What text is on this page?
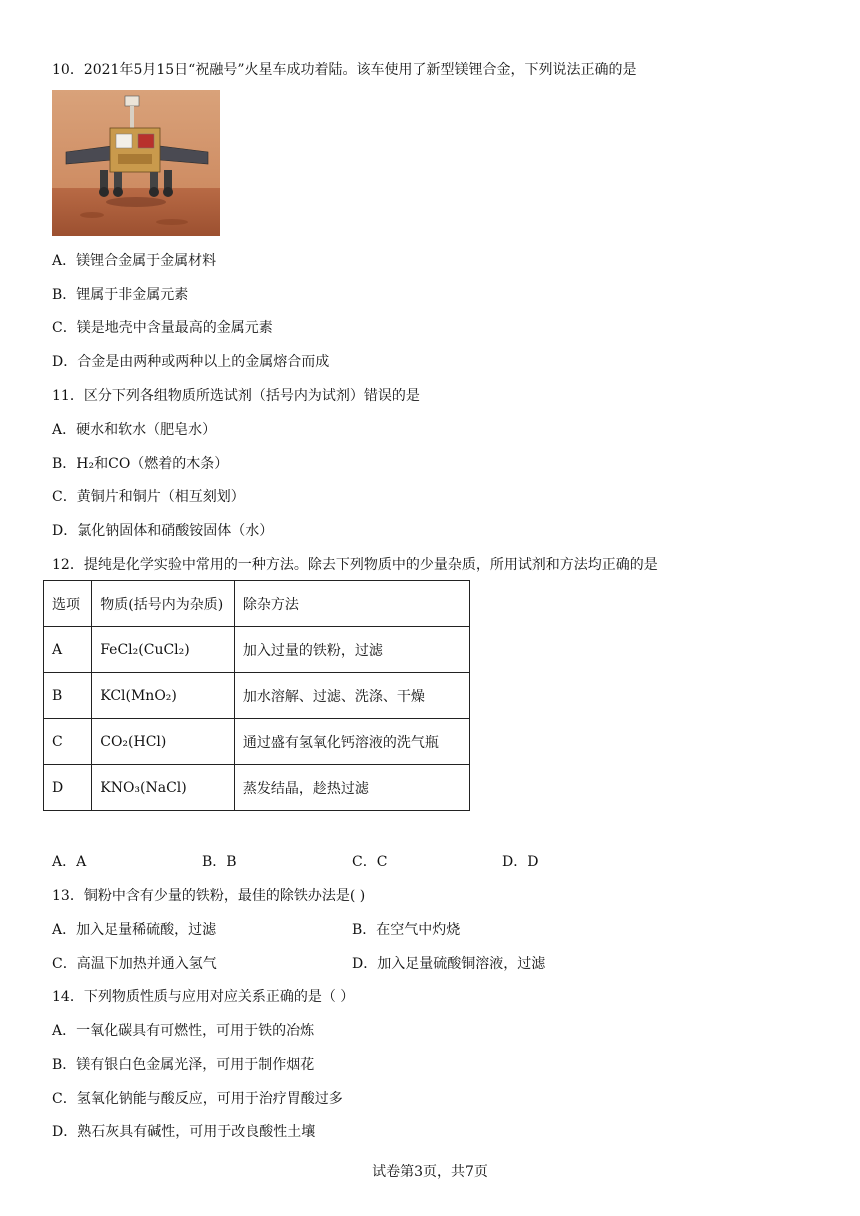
10．2021年5月15日“祝融号”火星车成功着陆。该车使用了新型镁锂合金，下列说法正确的是
A．镁锂合金属于金属材料
B．锂属于非金属元素
C．镁是地壳中含量最高的金属元素
D．合金是由两种或两种以上的金属熔合而成
11．区分下列各组物质所选试剂（括号内为试剂）错误的是
A．硬水和软水（肥皂水）
B．H₂和CO（燃着的木条）
C．黄铜片和铜片（相互刻划）
D．氯化钠固体和硝酸铵固体（水）
12．提纯是化学实验中常用的一种方法。除去下列物质中的少量杂质，所用试剂和方法均正确的是
选项	物质(括号内为杂质)	除杂方法
A	FeCl₂(CuCl₂)	加入过量的铁粉，过滤
B	KCl(MnO₂)	加水溶解、过滤、洗涤、干燥
C	CO₂(HCl)	通过盛有氢氧化钙溶液的洗气瓶
D	KNO₃(NaCl)	蒸发结晶，趁热过滤
A．A	B．B	C．C	D．D
13．铜粉中含有少量的铁粉，最佳的除铁办法是( )
A．加入足量稀硫酸，过滤	B．在空气中灼烧
C．高温下加热并通入氢气	D．加入足量硫酸铜溶液，过滤
14．下列物质性质与应用对应关系正确的是（ ）
A．一氧化碳具有可燃性，可用于铁的冶炼
B．镁有银白色金属光泽，可用于制作烟花
C．氢氧化钠能与酸反应，可用于治疗胃酸过多
D．熟石灰具有碱性，可用于改良酸性土壤
试卷第3页，共7页
